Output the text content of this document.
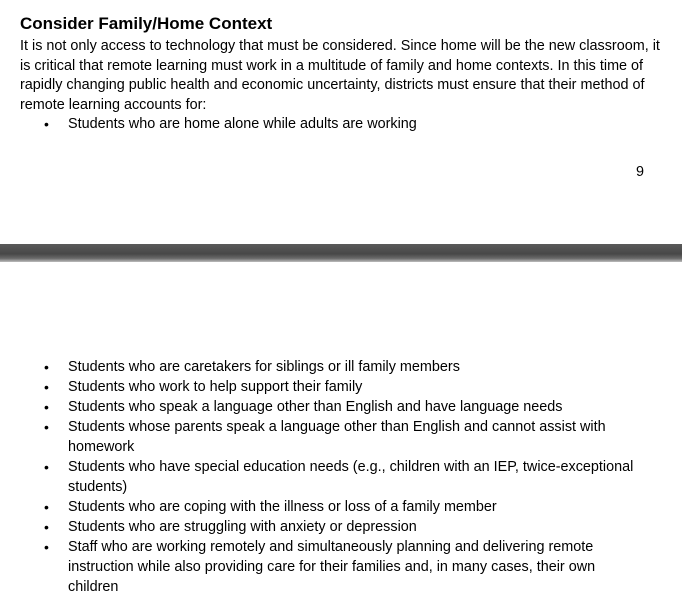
Consider Family/Home Context

It is not only access to technology that must be considered. Since home will be the new classroom, it is critical that remote learning must work in a multitude of family and home contexts. In this time of rapidly changing public health and economic uncertainty, districts must ensure that their method of remote learning accounts for:

• Students who are home alone while adults are working
9
• Students who are caretakers for siblings or ill family members
• Students who work to help support their family
• Students who speak a language other than English and have language needs
• Students whose parents speak a language other than English and cannot assist with homework
• Students who have special education needs (e.g., children with an IEP, twice-exceptional students)
• Students who are coping with the illness or loss of a family member
• Students who are struggling with anxiety or depression
• Staff who are working remotely and simultaneously planning and delivering remote instruction while also providing care for their families and, in many cases, their own children
